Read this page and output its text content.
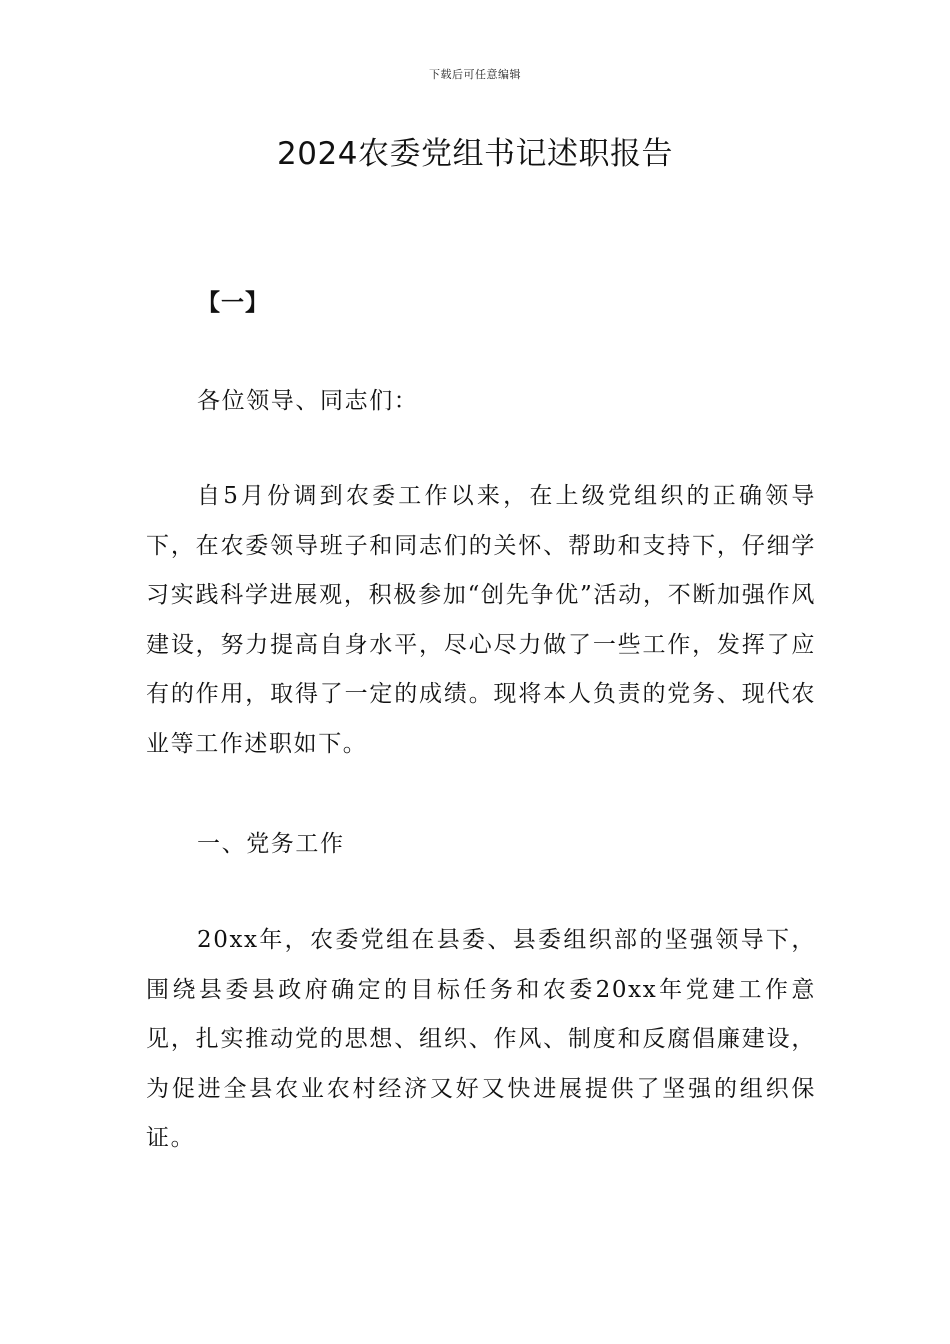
下载后可任意编辑
2024农委党组书记述职报告
【一】

各位领导、同志们：

自5月份调到农委工作以来，在上级党组织的正确领导下，在农委领导班子和同志们的关怀、帮助和支持下，仔细学习实践科学进展观，积极参加“创先争优”活动，不断加强作风建设，努力提高自身水平，尽心尽力做了一些工作，发挥了应有的作用，取得了一定的成绩。现将本人负责的党务、现代农业等工作述职如下。

一、党务工作

20xx年，农委党组在县委、县委组织部的坚强领导下，围绕县委县政府确定的目标任务和农委20xx年党建工作意见，扎实推动党的思想、组织、作风、制度和反腐倡廉建设，为促进全县农业农村经济又好又快进展提供了坚强的组织保证。
